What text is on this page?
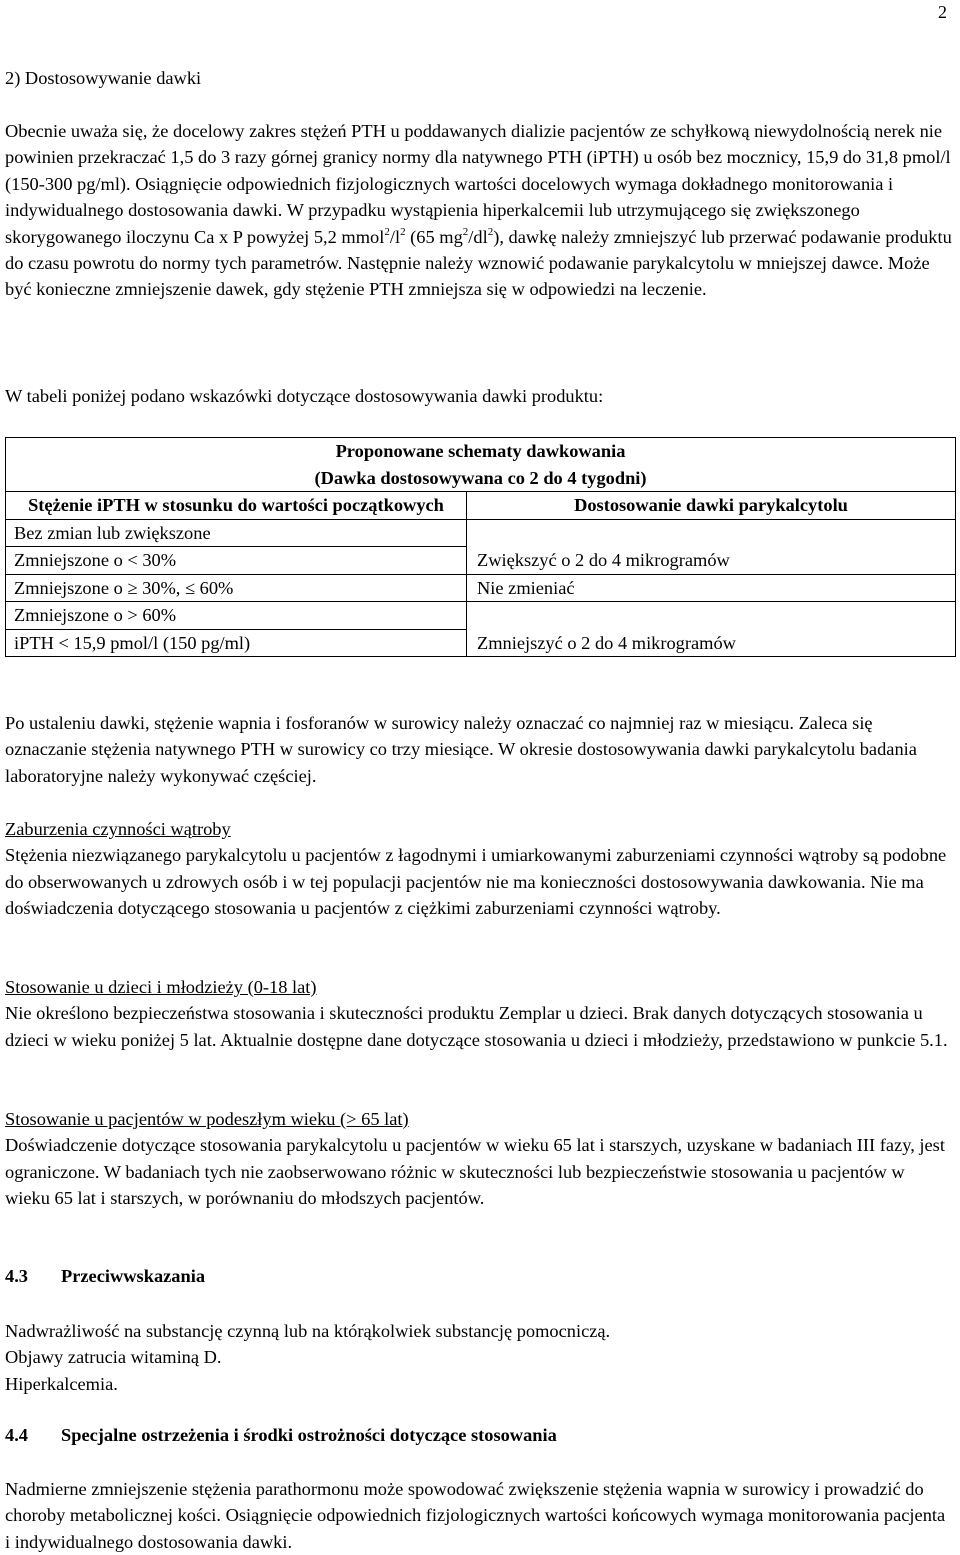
2

2) Dostosowywanie dawki

Obecnie uważa się, że docelowy zakres stężeń PTH u poddawanych dializie pacjentów ze schyłkową niewydolnością nerek nie powinien przekraczać 1,5 do 3 razy górnej granicy normy dla natywnego PTH (iPTH) u osób bez mocznicy, 15,9 do 31,8 pmol/l (150-300 pg/ml). Osiągnięcie odpowiednich fizjologicznych wartości docelowych wymaga dokładnego monitorowania i indywidualnego dostosowania dawki. W przypadku wystąpienia hiperkalcemii lub utrzymującego się zwiększonego skorygowanego iloczynu Ca x P powyżej 5,2 $mmol^2/l^2$ (65 $mg^2/dl^2$), dawkę należy zmniejszyć lub przerwać podawanie produktu do czasu powrotu do normy tych parametrów. Następnie należy wznowić podawanie parykalcytolu w mniejszej dawce. Może być konieczne zmniejszenie dawek, gdy stężenie PTH zmniejsza się w odpowiedzi na leczenie.

W tabeli poniżej podano wskazówki dotyczące dostosowywania dawki produktu:

Proponowane schematy dawkowania
(Dawka dostosowywana co 2 do 4 tygodni)	

Stężenie iPTH w stosunku do wartości początkowych	Dostosowanie dawki parykalcytolu
Bez zmian lub zwiększone	Zwiększyć o 2 do 4 mikrogramów
Zmniejszone o < 30%	
Zmniejszone o ≥ 30%, ≤ 60%	Nie zmieniać
Zmniejszone o > 60%	Zmniejszyć o 2 do 4 mikrogramów
iPTH < 15,9 pmol/l (150 pg/ml)	

Po ustaleniu dawki, stężenie wapnia i fosforanów w surowicy należy oznaczać co najmniej raz w miesiącu. Zaleca się oznaczanie stężenia natywnego PTH w surowicy co trzy miesiące. W okresie dostosowywania dawki parykalcytolu badania laboratoryjne należy wykonywać częściej.

Zaburzenia czynności wątroby

Stężenia niezwiązanego parykalcytolu u pacjentów z łagodnymi i umiarkowanymi zaburzeniami czynności wątroby są podobne do obserwowanych u zdrowych osób i w tej populacji pacjentów nie ma konieczności dostosowywania dawkowania. Nie ma doświadczenia dotyczącego stosowania u pacjentów z ciężkimi zaburzeniami czynności wątroby.

Stosowanie u dzieci i młodzieży (0-18 lat)

Nie określono bezpieczeństwa stosowania i skuteczności produktu Zemplar u dzieci. Brak danych dotyczących stosowania u dzieci w wieku poniżej 5 lat. Aktualnie dostępne dane dotyczące stosowania u dzieci i młodzieży, przedstawiono w punkcie 5.1.

Stosowanie u pacjentów w podeszłym wieku (> 65 lat)

Doświadczenie dotyczące stosowania parykalcytolu u pacjentów w wieku 65 lat i starszych, uzyskane w badaniach III fazy, jest ograniczone. W badaniach tych nie zaobserwowano różnic w skuteczności lub bezpieczeństwie stosowania u pacjentów w wieku 65 lat i starszych, w porównaniu do młodszych pacjentów.

4.3 Przeciwwskazania

Nadwrażliwość na substancję czynną lub na którąkolwiek substancję pomocniczą.

Objawy zatrucia witaminą D.

Hiperkalcemia.

4.4 Specjalne ostrzeżenia i środki ostrożności dotyczące stosowania

Nadmierne zmniejszenie stężenia parathormonu może spowodować zwiększenie stężenia wapnia w surowicy i prowadzić do choroby metabolicznej kości. Osiągnięcie odpowiednich fizjologicznych wartości końcowych wymaga monitorowania pacjenta i indywidualnego dostosowania dawki.
